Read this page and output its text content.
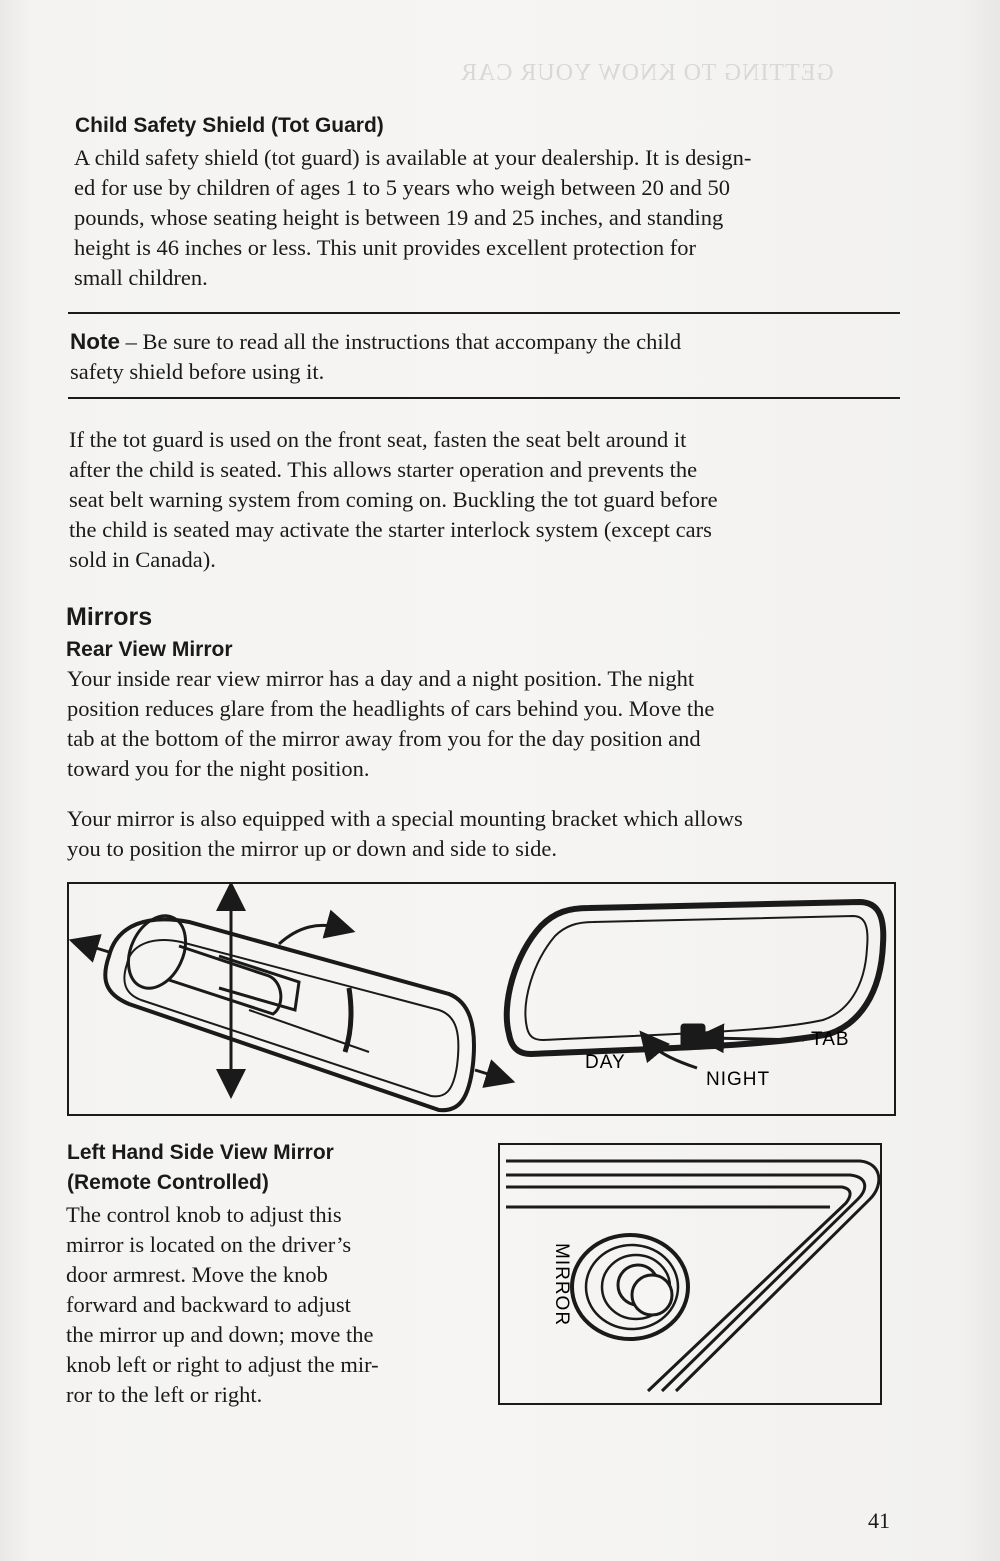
GETTING TO KNOW YOUR CAR
Child Safety Shield (Tot Guard)
A child safety shield (tot guard) is available at your dealership. It is design-
ed for use by children of ages 1 to 5 years who weigh between 20 and 50
pounds, whose seating height is between 19 and 25 inches, and standing
height is 46 inches or less. This unit provides excellent protection for
small children.
Note – Be sure to read all the instructions that accompany the child
safety shield before using it.
If the tot guard is used on the front seat, fasten the seat belt around it
after the child is seated. This allows starter operation and prevents the
seat belt warning system from coming on. Buckling the tot guard before
the child is seated may activate the starter interlock system (except cars
sold in Canada).
Mirrors
Rear View Mirror
Your inside rear view mirror has a day and a night position. The night
position reduces glare from the headlights of cars behind you. Move the
tab at the bottom of the mirror away from you for the day position and
toward you for the night position.
Your mirror is also equipped with a special mounting bracket which allows
you to position the mirror up or down and side to side.
TAB
DAY
NIGHT
Left Hand Side View Mirror
(Remote Controlled)
The control knob to adjust this
mirror is located on the driver’s
door armrest. Move the knob
forward and backward to adjust
the mirror up and down; move the
knob left or right to adjust the mir-
ror to the left or right.
MIRROR
41
